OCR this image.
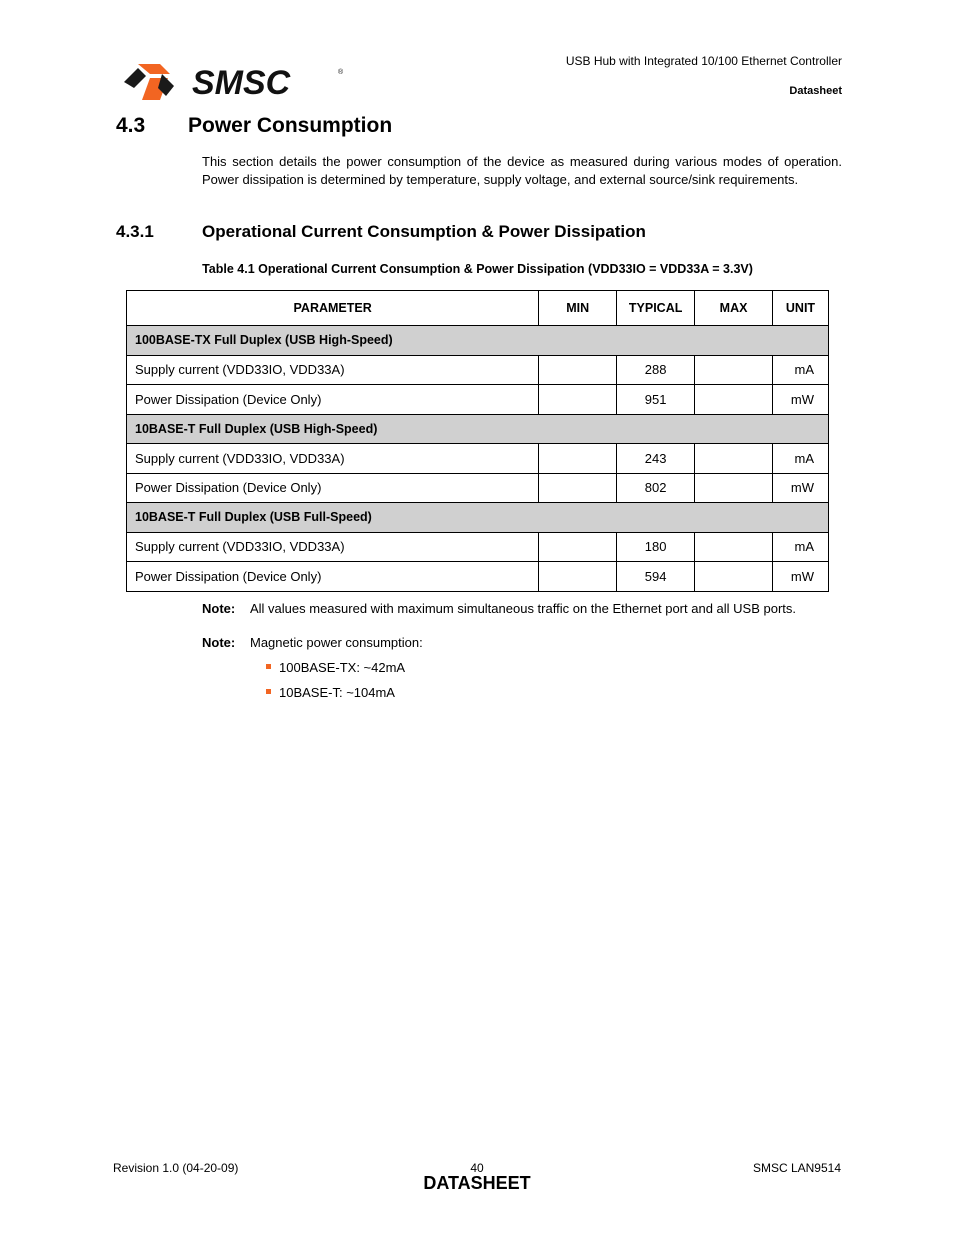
SMSC	®
USB Hub with Integrated 10/100 Ethernet Controller
Datasheet
4.3 Power Consumption
This section details the power consumption of the device as measured during various modes of operation. Power dissipation is determined by temperature, supply voltage, and external source/sink requirements.
4.3.1	Operational Current Consumption & Power Dissipation
Table 4.1 Operational Current Consumption & Power Dissipation (VDD33IO = VDD33A = 3.3V)
PARAMETER	MIN	TYPICAL	MAX	UNIT
100BASE-TX Full Duplex (USB High-Speed)				
Supply current (VDD33IO, VDD33A)		288		mA
Power Dissipation (Device Only)		951		mW
10BASE-T Full Duplex (USB High-Speed)				
Supply current (VDD33IO, VDD33A)		243		mA
Power Dissipation (Device Only)		802		mW
10BASE-T Full Duplex (USB Full-Speed)				
Supply current (VDD33IO, VDD33A)		180		mA
Power Dissipation (Device Only)		594		mW
Note: All values measured with maximum simultaneous traffic on the Ethernet port and all USB ports.
Note: Magnetic power consumption:
100BASE-TX: ~42mA
10BASE-T: ~104mA
Revision 1.0 (04-20-09)	40
DATASHEET
SMSC LAN9514
